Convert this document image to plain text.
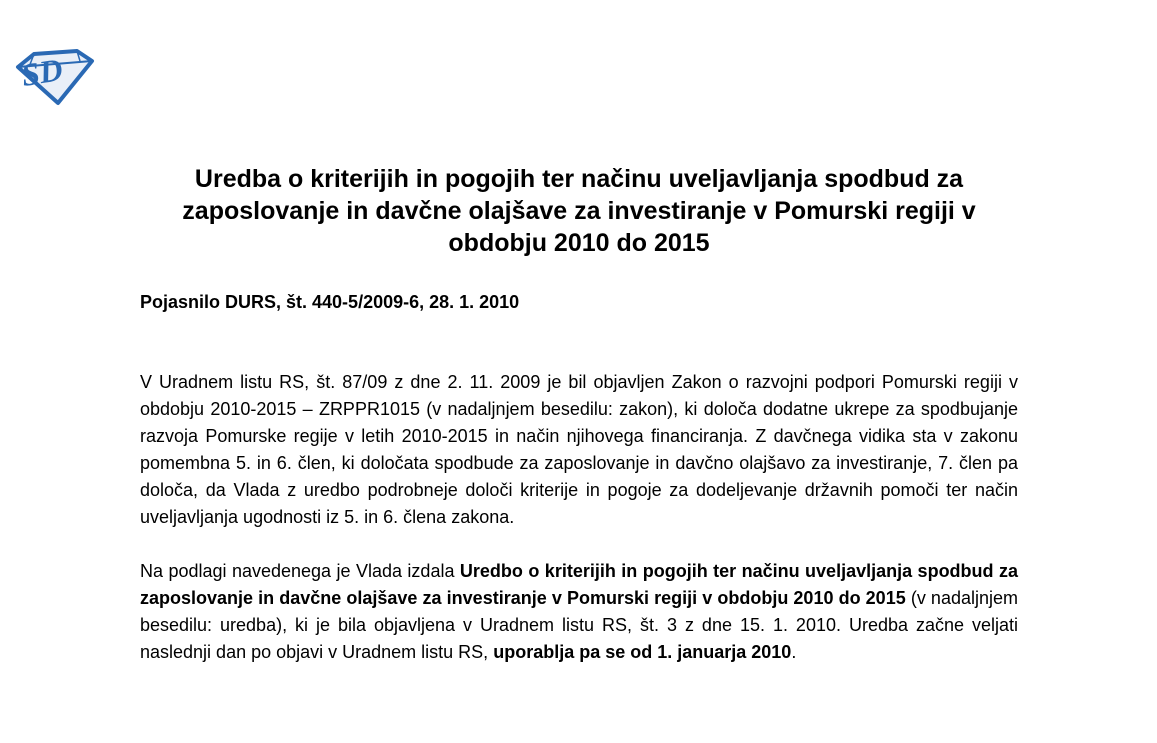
SD
Uredba o kriterijih in pogojih ter načinu uveljavljanja spodbud za zaposlovanje in davčne olajšave za investiranje v Pomurski regiji v obdobju 2010 do 2015
Pojasnilo DURS, št. 440-5/2009-6, 28. 1. 2010

V Uradnem listu RS, št. 87/09 z dne 2. 11. 2009 je bil objavljen Zakon o razvojni podpori Pomurski regiji v obdobju 2010-2015 – ZRPPR1015 (v nadaljnjem besedilu: zakon), ki določa dodatne ukrepe za spodbujanje razvoja Pomurske regije v letih 2010-2015 in način njihovega financiranja. Z davčnega vidika sta v zakonu pomembna 5. in 6. člen, ki določata spodbude za zaposlovanje in davčno olajšavo za investiranje, 7. člen pa določa, da Vlada z uredbo podrobneje določi kriterije in pogoje za dodeljevanje državnih pomoči ter način uveljavljanja ugodnosti iz 5. in 6. člena zakona.

Na podlagi navedenega je Vlada izdala Uredbo o kriterijih in pogojih ter načinu uveljavljanja spodbud za zaposlovanje in davčne olajšave za investiranje v Pomurski regiji v obdobju 2010 do 2015 (v nadaljnjem besedilu: uredba), ki je bila objavljena v Uradnem listu RS, št. 3 z dne 15. 1. 2010. Uredba začne veljati naslednji dan po objavi v Uradnem listu RS, uporablja pa se od 1. januarja 2010.
